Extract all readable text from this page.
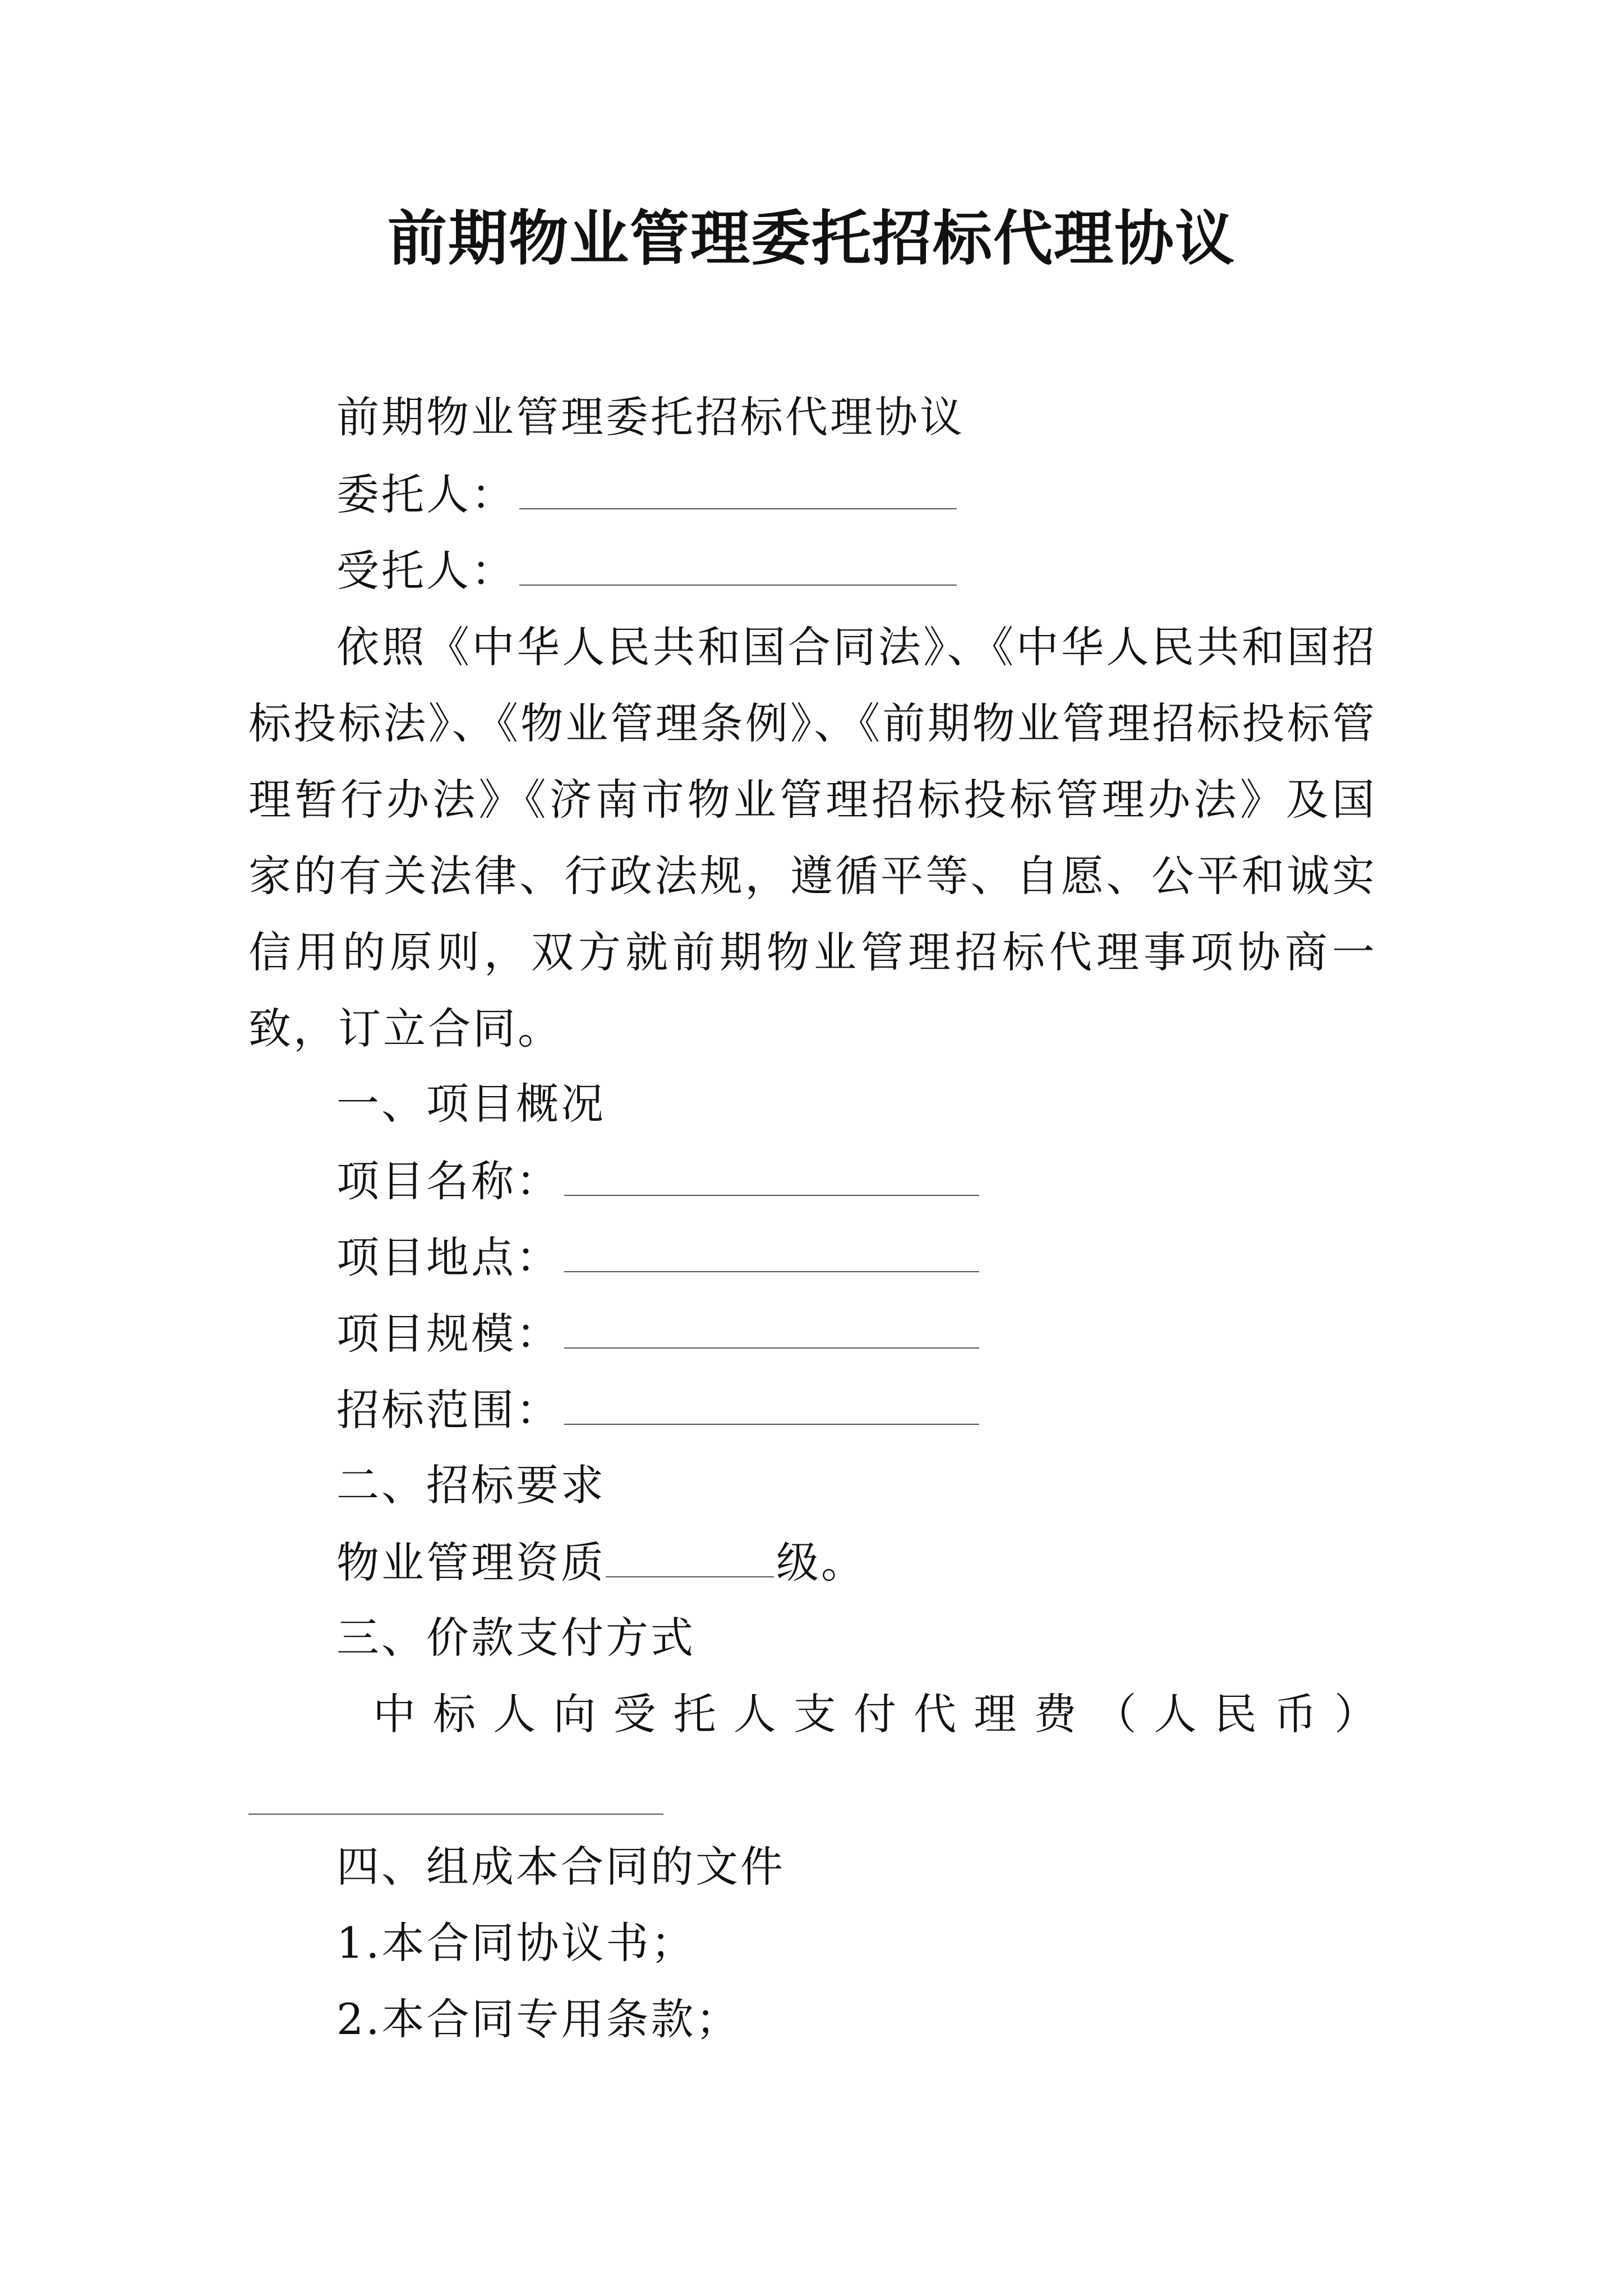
前期物业管理委托招标代理协议
前期物业管理委托招标代理协议
委托人：
受托人：
依照《中华人民共和国合同法》、《中华人民共和国招标投标法》、《物业管理条例》、《前期物业管理招标投标管理暂行办法》《济南市物业管理招标投标管理办法》及国家的有关法律、行政法规，遵循平等、自愿、公平和诚实信用的原则，双方就前期物业管理招标代理事项协商一致，订立合同。
一、项目概况
项目名称：
项目地点：
项目规模：
招标范围：
二、招标要求
物业管理资质	级。
三、价款支付方式
中 标 人 向 受 托 人 支 付 代 理 费 （ 人 民 币 ）
四、组成本合同的文件
1.本合同协议书；
2.本合同专用条款；
